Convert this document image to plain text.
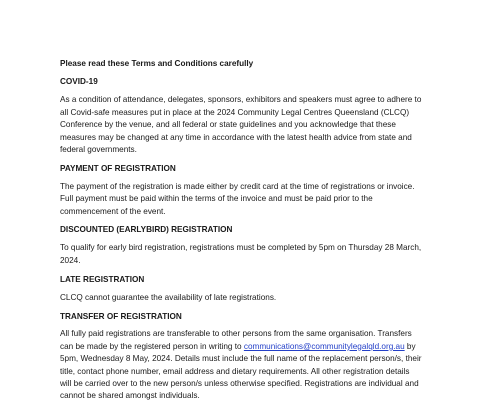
Please read these Terms and Conditions carefully
COVID-19
As a condition of attendance, delegates, sponsors, exhibitors and speakers must agree to adhere to
all Covid-safe measures put in place at the 2024 Community Legal Centres Queensland (CLCQ)
Conference by the venue, and all federal or state guidelines and you acknowledge that these
measures may be changed at any time in accordance with the latest health advice from state and
federal governments.
PAYMENT OF REGISTRATION
The payment of the registration is made either by credit card at the time of registrations or invoice.
Full payment must be paid within the terms of the invoice and must be paid prior to the
commencement of the event.
DISCOUNTED (EARLYBIRD) REGISTRATION
To qualify for early bird registration, registrations must be completed by 5pm on Thursday 28 March,
2024.
LATE REGISTRATION
CLCQ cannot guarantee the availability of late registrations.
TRANSFER OF REGISTRATION
All fully paid registrations are transferable to other persons from the same organisation. Transfers
can be made by the registered person in writing to communications@communitylegalqld.org.au by
5pm, Wednesday 8 May, 2024. Details must include the full name of the replacement person/s, their
title, contact phone number, email address and dietary requirements. All other registration details
will be carried over to the new person/s unless otherwise specified. Registrations are individual and
cannot be shared amongst individuals.
